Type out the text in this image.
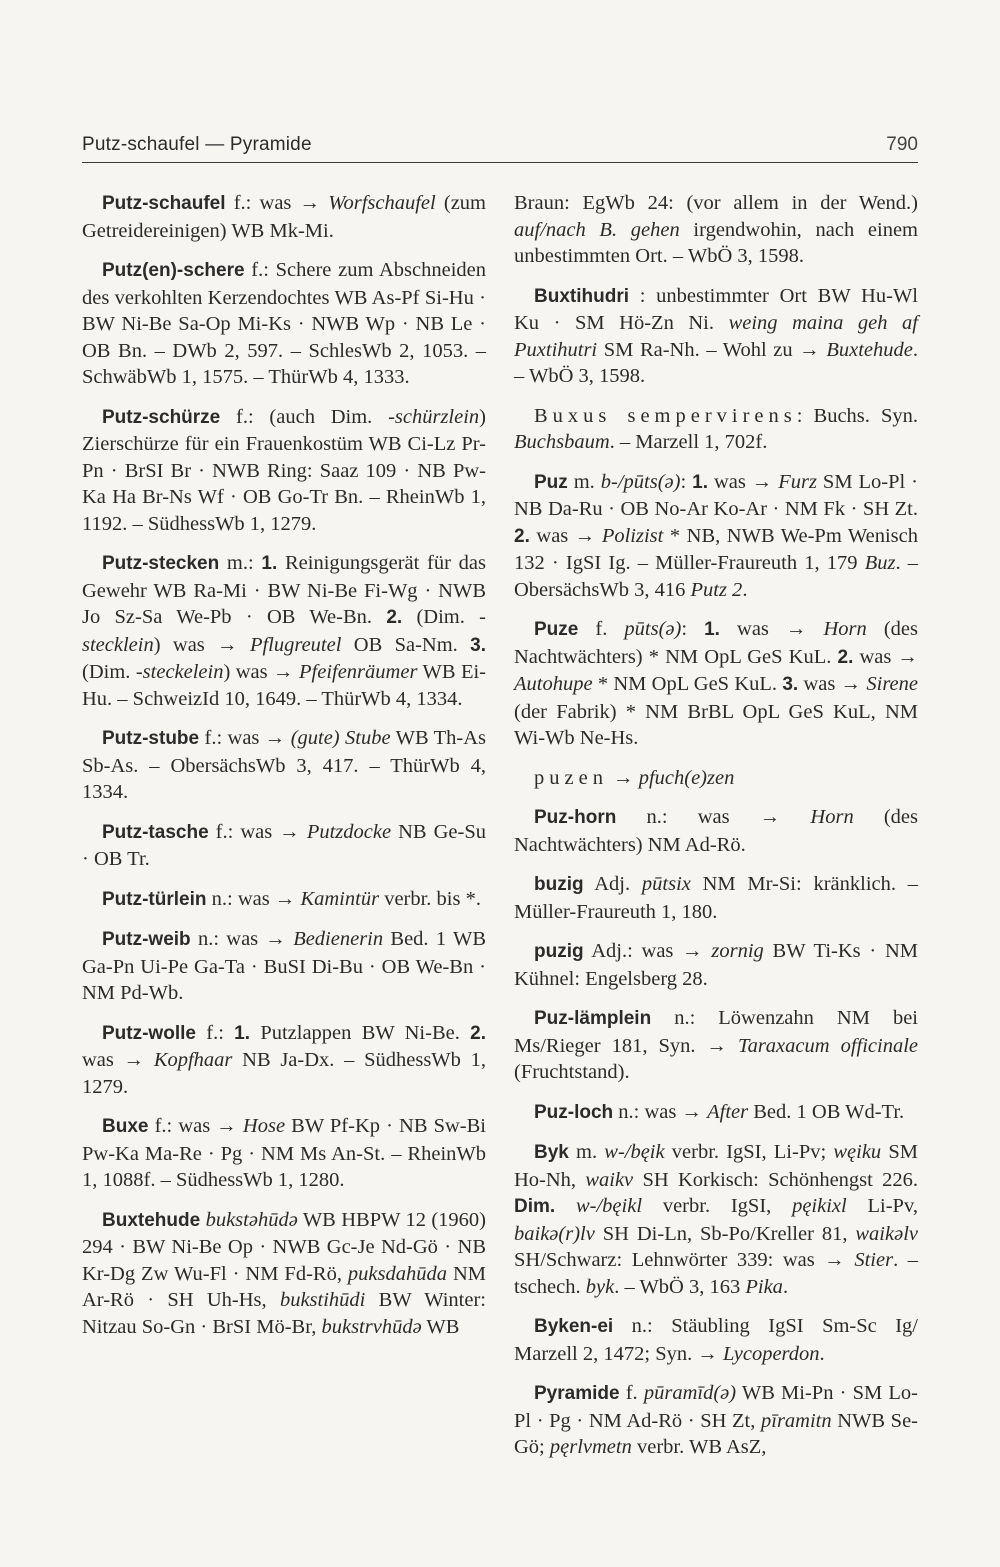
Putz-schaufel — Pyramide	790

Putz-schaufel f.: was → Worfschaufel (zum Getreidereinigen) WB Mk-Mi.

Putz(en)-schere f.: Schere zum Abschneiden des verkohlten Kerzendochtes WB As-Pf Si-Hu · BW Ni-Be Sa-Op Mi-Ks · NWB Wp · NB Le · OB Bn. – DWb 2, 597. – SchlesWb 2, 1053. – SchwäbWb 1, 1575. – ThürWb 4, 1333.

Putz-schürze f.: (auch Dim. -schürzlein) Zierschürze für ein Frauenkostüm WB Ci-Lz Pr-Pn · BrSI Br · NWB Ring: Saaz 109 · NB Pw-Ka Ha Br-Ns Wf · OB Go-Tr Bn. – RheinWb 1, 1192. – SüdhessWb 1, 1279.

Putz-stecken m.: 1. Reinigungsgerät für das Gewehr WB Ra-Mi · BW Ni-Be Fi-Wg · NWB Jo Sz-Sa We-Pb · OB We-Bn. 2. (Dim. -stecklein) was → Pflugreutel OB Sa-Nm. 3. (Dim. -steckelein) was → Pfeifenräumer WB Ei-Hu. – SchweizId 10, 1649. – ThürWb 4, 1334.

Putz-stube f.: was → (gute) Stube WB Th-As Sb-As. – ObersächsWb 3, 417. – ThürWb 4, 1334.

Putz-tasche f.: was → Putzdocke NB Ge-Su · OB Tr.

Putz-türlein n.: was → Kamintür verbr. bis *.

Putz-weib n.: was → Bedienerin Bed. 1 WB Ga-Pn Ui-Pe Ga-Ta · BuSI Di-Bu · OB We-Bn · NM Pd-Wb.

Putz-wolle f.: 1. Putzlappen BW Ni-Be. 2. was → Kopfhaar NB Ja-Dx. – SüdhessWb 1, 1279.

Buxe f.: was → Hose BW Pf-Kp · NB Sw-Bi Pw-Ka Ma-Re · Pg · NM Ms An-St. – RheinWb 1, 1088f. – SüdhessWb 1, 1280.

Buxtehude bukstəhūdə WB HBPW 12 (1960) 294 · BW Ni-Be Op · NWB Gc-Je Nd-Gö · NB Kr-Dg Zw Wu-Fl · NM Fd-Rö, puksdahūda NM Ar-Rö · SH Uh-Hs, bukstihūdi BW Winter: Nitzau So-Gn · BrSI Mö-Br, bukstrvhūdə WB

Braun: EgWb 24: (vor allem in der Wend.) auf/nach B. gehen irgendwohin, nach einem unbestimmten Ort. – WbÖ 3, 1598.

Buxtihudri : unbestimmter Ort BW Hu-Wl Ku · SM Hö-Zn Ni. weing maina geh af Puxtihutri SM Ra-Nh. – Wohl zu → Buxtehude. – WbÖ 3, 1598.

Buxus sempervirens: Buchs. Syn. Buchsbaum. – Marzell 1, 702f.

Puz m. b-/pūts(ə): 1. was → Furz SM Lo-Pl · NB Da-Ru · OB No-Ar Ko-Ar · NM Fk · SH Zt. 2. was → Polizist * NB, NWB We-Pm Wenisch 132 · IgSI Ig. – Müller-Fraureuth 1, 179 Buz. – ObersächsWb 3, 416 Putz 2.

Puze f. pūts(ə): 1. was → Horn (des Nachtwächters) * NM OpL GeS KuL. 2. was → Autohupe * NM OpL GeS KuL. 3. was → Sirene (der Fabrik) * NM BrBL OpL GeS KuL, NM Wi-Wb Ne-Hs.

puzen → pfuch(e)zen

Puz-horn n.: was → Horn (des Nachtwächters) NM Ad-Rö.

buzig Adj. pūtsix NM Mr-Si: kränklich. – Müller-Fraureuth 1, 180.

puzig Adj.: was → zornig BW Ti-Ks · NM Kühnel: Engelsberg 28.

Puz-lämplein n.: Löwenzahn NM bei Ms/Rieger 181, Syn. → Taraxacum officinale (Fruchtstand).

Puz-loch n.: was → After Bed. 1 OB Wd-Tr.

Byk m. w-/bęik verbr. IgSI, Li-Pv; węiku SM Ho-Nh, waikv SH Korkisch: Schönhengst 226. Dim. w-/bęikl verbr. IgSI, pęikixl Li-Pv, baikə(r)lv SH Di-Ln, Sb-Po/Kreller 81, waikəlv SH/Schwarz: Lehnwörter 339: was → Stier. – tschech. byk. – WbÖ 3, 163 Pika.

Byken-ei n.: Stäubling IgSI Sm-Sc Ig/ Marzell 2, 1472; Syn. → Lycoperdon.

Pyramide f. pūramīd(ə) WB Mi-Pn · SM Lo-Pl · Pg · NM Ad-Rö · SH Zt, pīramitn NWB Se-Gö; pęrlvmetn verbr. WB AsZ,
